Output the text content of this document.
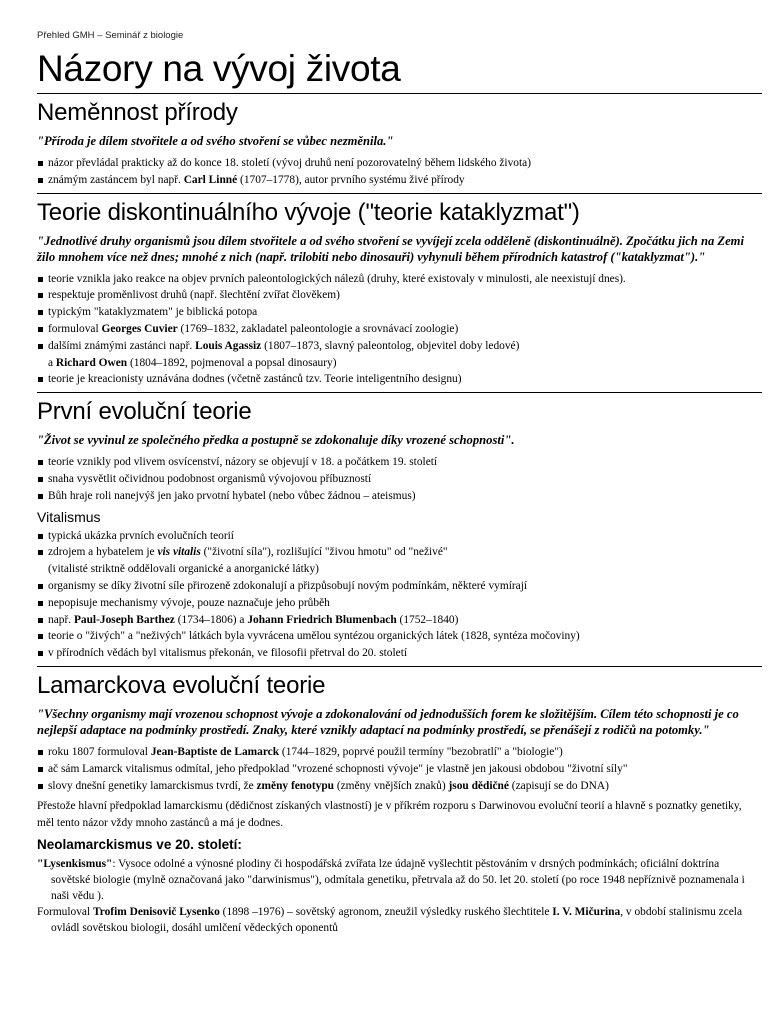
Přehled GMH – Seminář z biologie
Názory na vývoj života
Neměnnost přírody

"Příroda je dílem stvořitele a od svého stvoření se vůbec nezměnila."

názor převládal prakticky až do konce 18. století (vývoj druhů není pozorovatelný během lidského života)
známým zastáncem byl např. Carl Linné (1707–1778), autor prvního systému živé přírody
Teorie diskontinuálního vývoje ("teorie kataklyzmat")

"Jednotlivé druhy organismů jsou dílem stvořitele a od svého stvoření se vyvíjejí zcela odděleně (diskontinuálně). Zpočátku jich na Zemi žilo mnohem více než dnes; mnohé z nich (např. trilobiti nebo dinosauři) vyhynuli během přírodních katastrof ("kataklyzmat")."

teorie vznikla jako reakce na objev prvních paleontologických nálezů (druhy, které existovaly v minulosti, ale neexistují dnes).
respektuje proměnlivost druhů (např. šlechtění zvířat člověkem)
typickým "kataklyzmatem" je biblická potopa
formuloval Georges Cuvier (1769–1832, zakladatel paleontologie a srovnávací zoologie)
dalšími známými zastánci např. Louis Agassiz (1807–1873, slavný paleontolog, objevitel doby ledové)
a Richard Owen (1804–1892, pojmenoval a popsal dinosaury)
teorie je kreacionisty uznávána dodnes (včetně zastánců tzv. Teorie inteligentního designu)
První evoluční teorie

"Život se vyvinul ze společného předka a postupně se zdokonaluje díky vrozené schopnosti".

teorie vznikly pod vlivem osvícenství, názory se objevují v 18. a počátkem 19. století
snaha vysvětlit očividnou podobnost organismů vývojovou příbuzností
Bůh hraje roli nanejvýš jen jako prvotní hybatel (nebo vůbec žádnou – ateismus)
Vitalismus
typická ukázka prvních evolučních teorií
zdrojem a hybatelem je vis vitalis ("životní síla"), rozlišující "živou hmotu" od "neživé"
(vitalisté striktně oddělovali organické a anorganické látky)
organismy se díky životní síle přirozeně zdokonalují a přizpůsobují novým podmínkám, některé vymírají
nepopisuje mechanismy vývoje, pouze naznačuje jeho průběh
např. Paul-Joseph Barthez (1734–1806) a Johann Friedrich Blumenbach (1752–1840)
teorie o "živých" a "neživých" látkách byla vyvrácena umělou syntézou organických látek (1828, syntéza močoviny)
v přírodních vědách byl vitalismus překonán, ve filosofii přetrval do 20. století
Lamarckova evoluční teorie

"Všechny organismy mají vrozenou schopnost vývoje a zdokonalování od jednodušších forem ke složitějším. Cílem této schopnosti je co nejlepší adaptace na podmínky prostředí. Znaky, které vznikly adaptací na podmínky prostředí, se přenášejí z rodičů na potomky."

roku 1807 formuloval Jean-Baptiste de Lamarck (1744–1829, poprvé použil termíny "bezobratlí" a "biologie")
ač sám Lamarck vitalismus odmítal, jeho předpoklad "vrozené schopnosti vývoje" je vlastně jen jakousi obdobou "životní síly"
slovy dnešní genetiky lamarckismus tvrdí, že změny fenotypu (změny vnějších znaků) jsou dědičné (zapisují se do DNA)

Přestože hlavní předpoklad lamarckismu (dědičnost získaných vlastností) je v příkrém rozporu s Darwinovou evoluční teorií a hlavně s poznatky genetiky, měl tento názor vždy mnoho zastánců a má je dodnes.

Neolamarckismus ve 20. století:

"Lysenkismus": Vysoce odolné a výnosné plodiny či hospodářská zvířata lze údajně vyšlechtit pěstováním v drsných podmínkách; oficiální doktrína sovětské biologie (mylně označovaná jako "darwinismus"), odmítala genetiku, přetrvala až do 50. let 20. století (po roce 1948 nepříznivě poznamenala i naši vědu ).

Formuloval Trofim Denisovič Lysenko (1898 –1976) – sovětský agronom, zneužil výsledky ruského šlechtitele I. V. Mičurina, v období stalinismu zcela ovládl sovětskou biologii, dosáhl umlčení vědeckých oponentů
